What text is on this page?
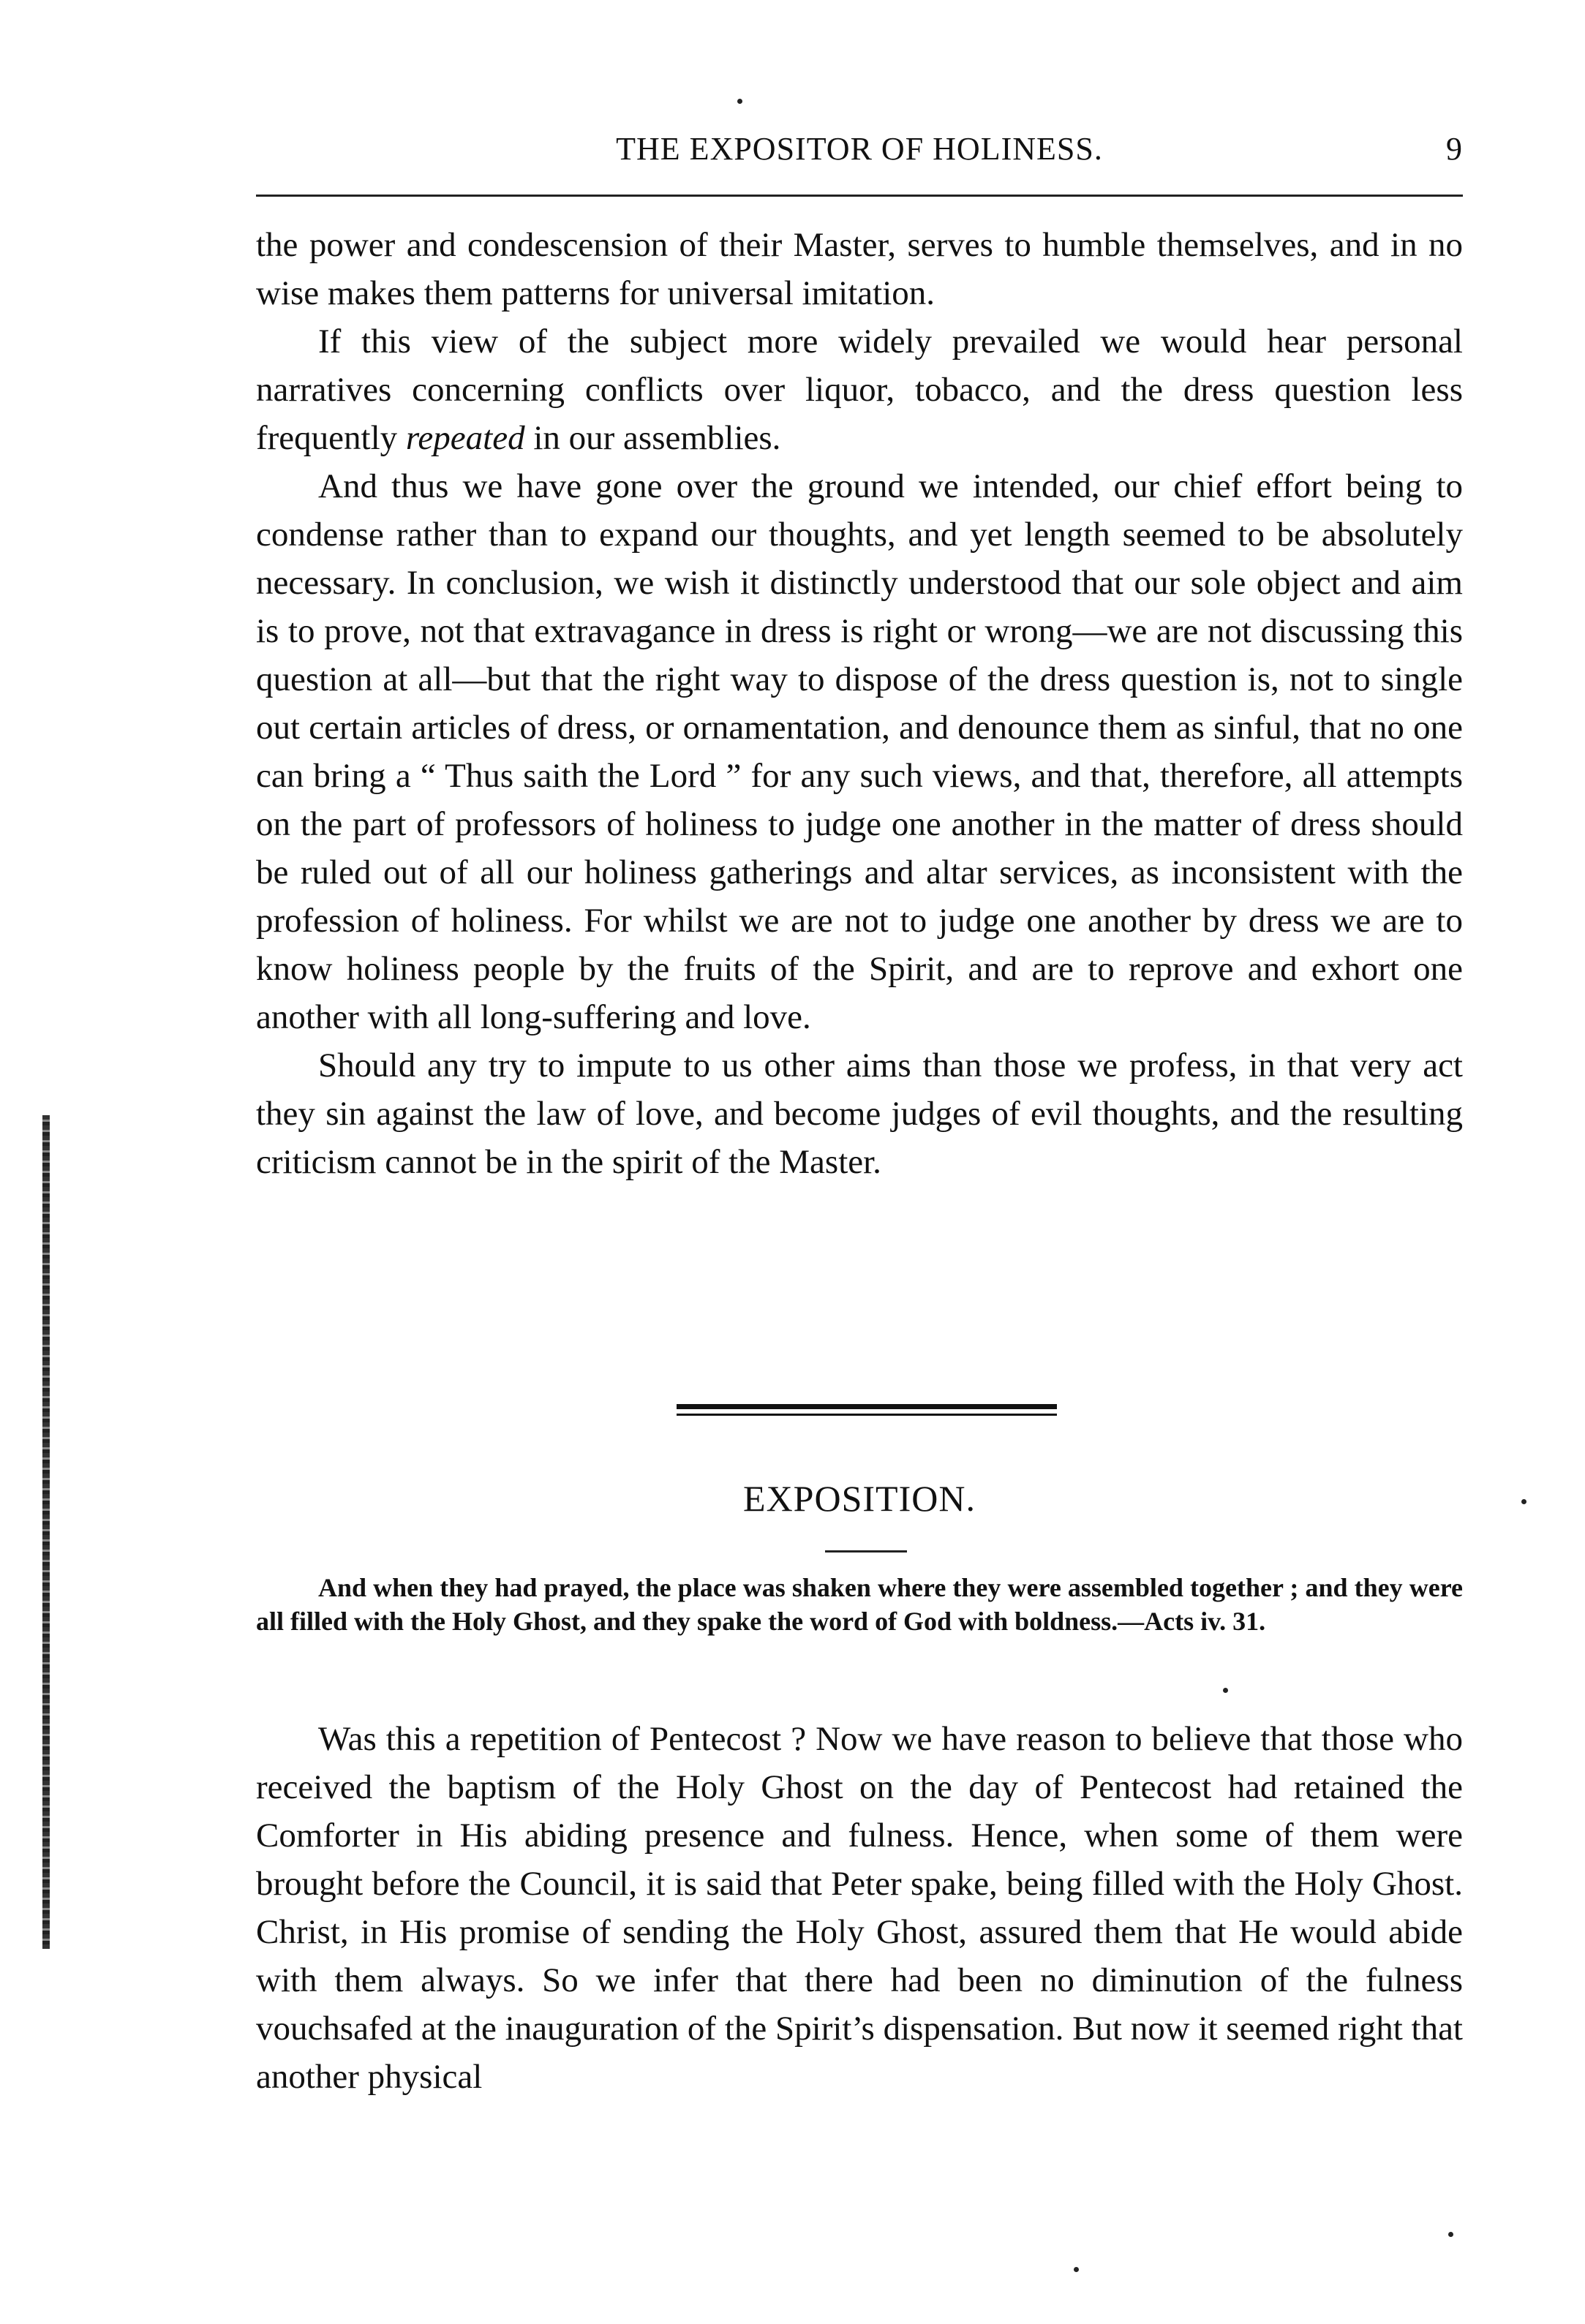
THE EXPOSITOR OF HOLINESS.	9

the power and condescension of their Master, serves to humble themselves, and in no wise makes them patterns for universal imitation.

If this view of the subject more widely prevailed we would hear personal narratives concerning conflicts over liquor, tobacco, and the dress question less frequently repeated in our assemblies.

And thus we have gone over the ground we intended, our chief effort being to condense rather than to expand our thoughts, and yet length seemed to be absolutely necessary. In conclusion, we wish it distinctly understood that our sole object and aim is to prove, not that extravagance in dress is right or wrong—we are not discussing this question at all—but that the right way to dispose of the dress question is, not to single out certain articles of dress, or ornamentation, and denounce them as sinful, that no one can bring a “ Thus saith the Lord ” for any such views, and that, therefore, all attempts on the part of professors of holiness to judge one another in the matter of dress should be ruled out of all our holiness gatherings and altar services, as inconsistent with the profession of holiness. For whilst we are not to judge one another by dress we are to know holiness people by the fruits of the Spirit, and are to reprove and exhort one another with all long-suffering and love.

Should any try to impute to us other aims than those we profess, in that very act they sin against the law of love, and become judges of evil thoughts, and the resulting criticism cannot be in the spirit of the Master.

EXPOSITION.

And when they had prayed, the place was shaken where they were assembled together ; and they were all filled with the Holy Ghost, and they spake the word of God with boldness.—Acts iv. 31.

Was this a repetition of Pentecost ? Now we have reason to believe that those who received the baptism of the Holy Ghost on the day of Pentecost had retained the Comforter in His abiding presence and fulness. Hence, when some of them were brought before the Council, it is said that Peter spake, being filled with the Holy Ghost. Christ, in His promise of sending the Holy Ghost, assured them that He would abide with them always. So we infer that there had been no diminution of the fulness vouchsafed at the inauguration of the Spirit’s dispensation. But now it seemed right that another physical
